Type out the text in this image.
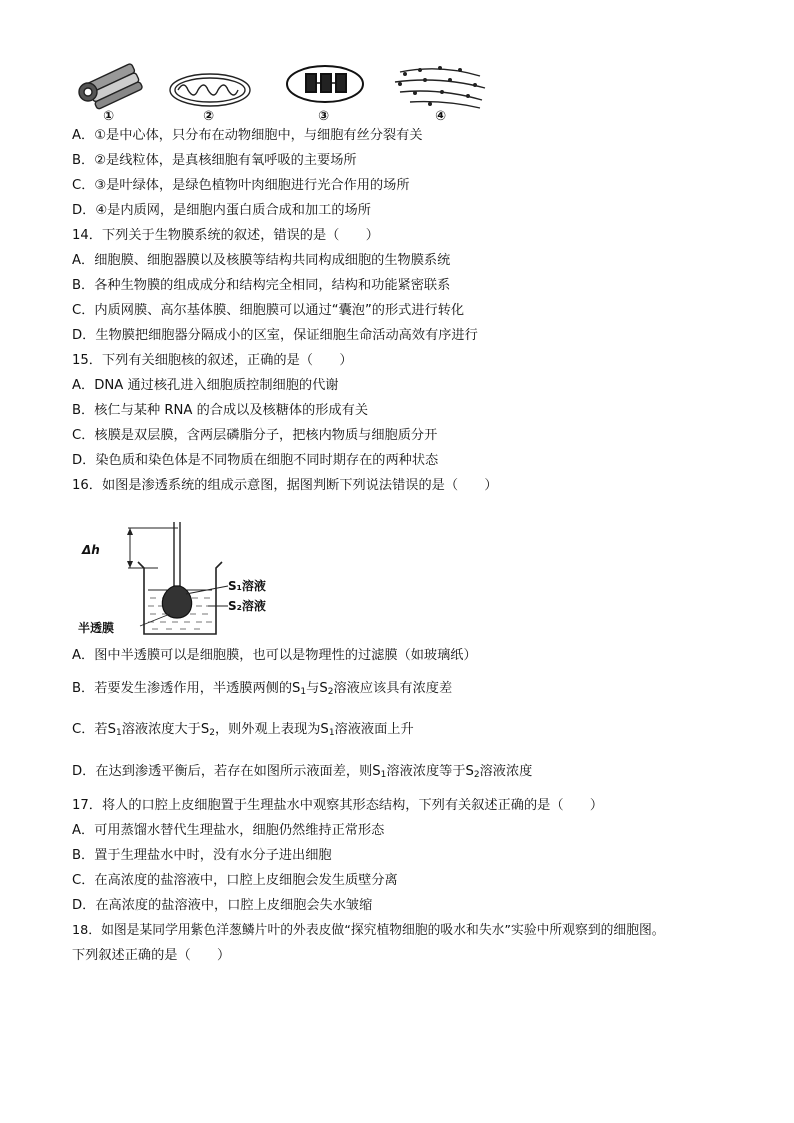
①	②	③	④
A．①是中心体，只分布在动物细胞中，与细胞有丝分裂有关
B．②是线粒体，是真核细胞有氧呼吸的主要场所
C．③是叶绿体，是绿色植物叶肉细胞进行光合作用的场所
D．④是内质网，是细胞内蛋白质合成和加工的场所
14．下列关于生物膜系统的叙述，错误的是（　　）
A．细胞膜、细胞器膜以及核膜等结构共同构成细胞的生物膜系统
B．各种生物膜的组成成分和结构完全相同，结构和功能紧密联系
C．内质网膜、高尔基体膜、细胞膜可以通过“囊泡”的形式进行转化
D．生物膜把细胞器分隔成小的区室，保证细胞生命活动高效有序进行
15．下列有关细胞核的叙述，正确的是（　　）
A．DNA 通过核孔进入细胞质控制细胞的代谢
B．核仁与某种 RNA 的合成以及核糖体的形成有关
C．核膜是双层膜，含两层磷脂分子，把核内物质与细胞质分开
D．染色质和染色体是不同物质在细胞不同时期存在的两种状态
16．如图是渗透系统的组成示意图，据图判断下列说法错误的是（　　）
Δh
S₁溶液
S₂溶液
半透膜
A．图中半透膜可以是细胞膜，也可以是物理性的过滤膜（如玻璃纸）
B．若要发生渗透作用，半透膜两侧的$S_1$与$S_2$溶液应该具有浓度差
C．若$S_1$溶液浓度大于$S_2$，则外观上表现为$S_1$溶液液面上升
D．在达到渗透平衡后，若存在如图所示液面差，则$S_1$溶液浓度等于$S_2$溶液浓度
17．将人的口腔上皮细胞置于生理盐水中观察其形态结构，下列有关叙述正确的是（　　）
A．可用蒸馏水替代生理盐水，细胞仍然维持正常形态
B．置于生理盐水中时，没有水分子进出细胞
C．在高浓度的盐溶液中，口腔上皮细胞会发生质壁分离
D．在高浓度的盐溶液中，口腔上皮细胞会失水皱缩
18．如图是某同学用紫色洋葱鳞片叶的外表皮做“探究植物细胞的吸水和失水”实验中所观察到的细胞图。
下列叙述正确的是（　　）
